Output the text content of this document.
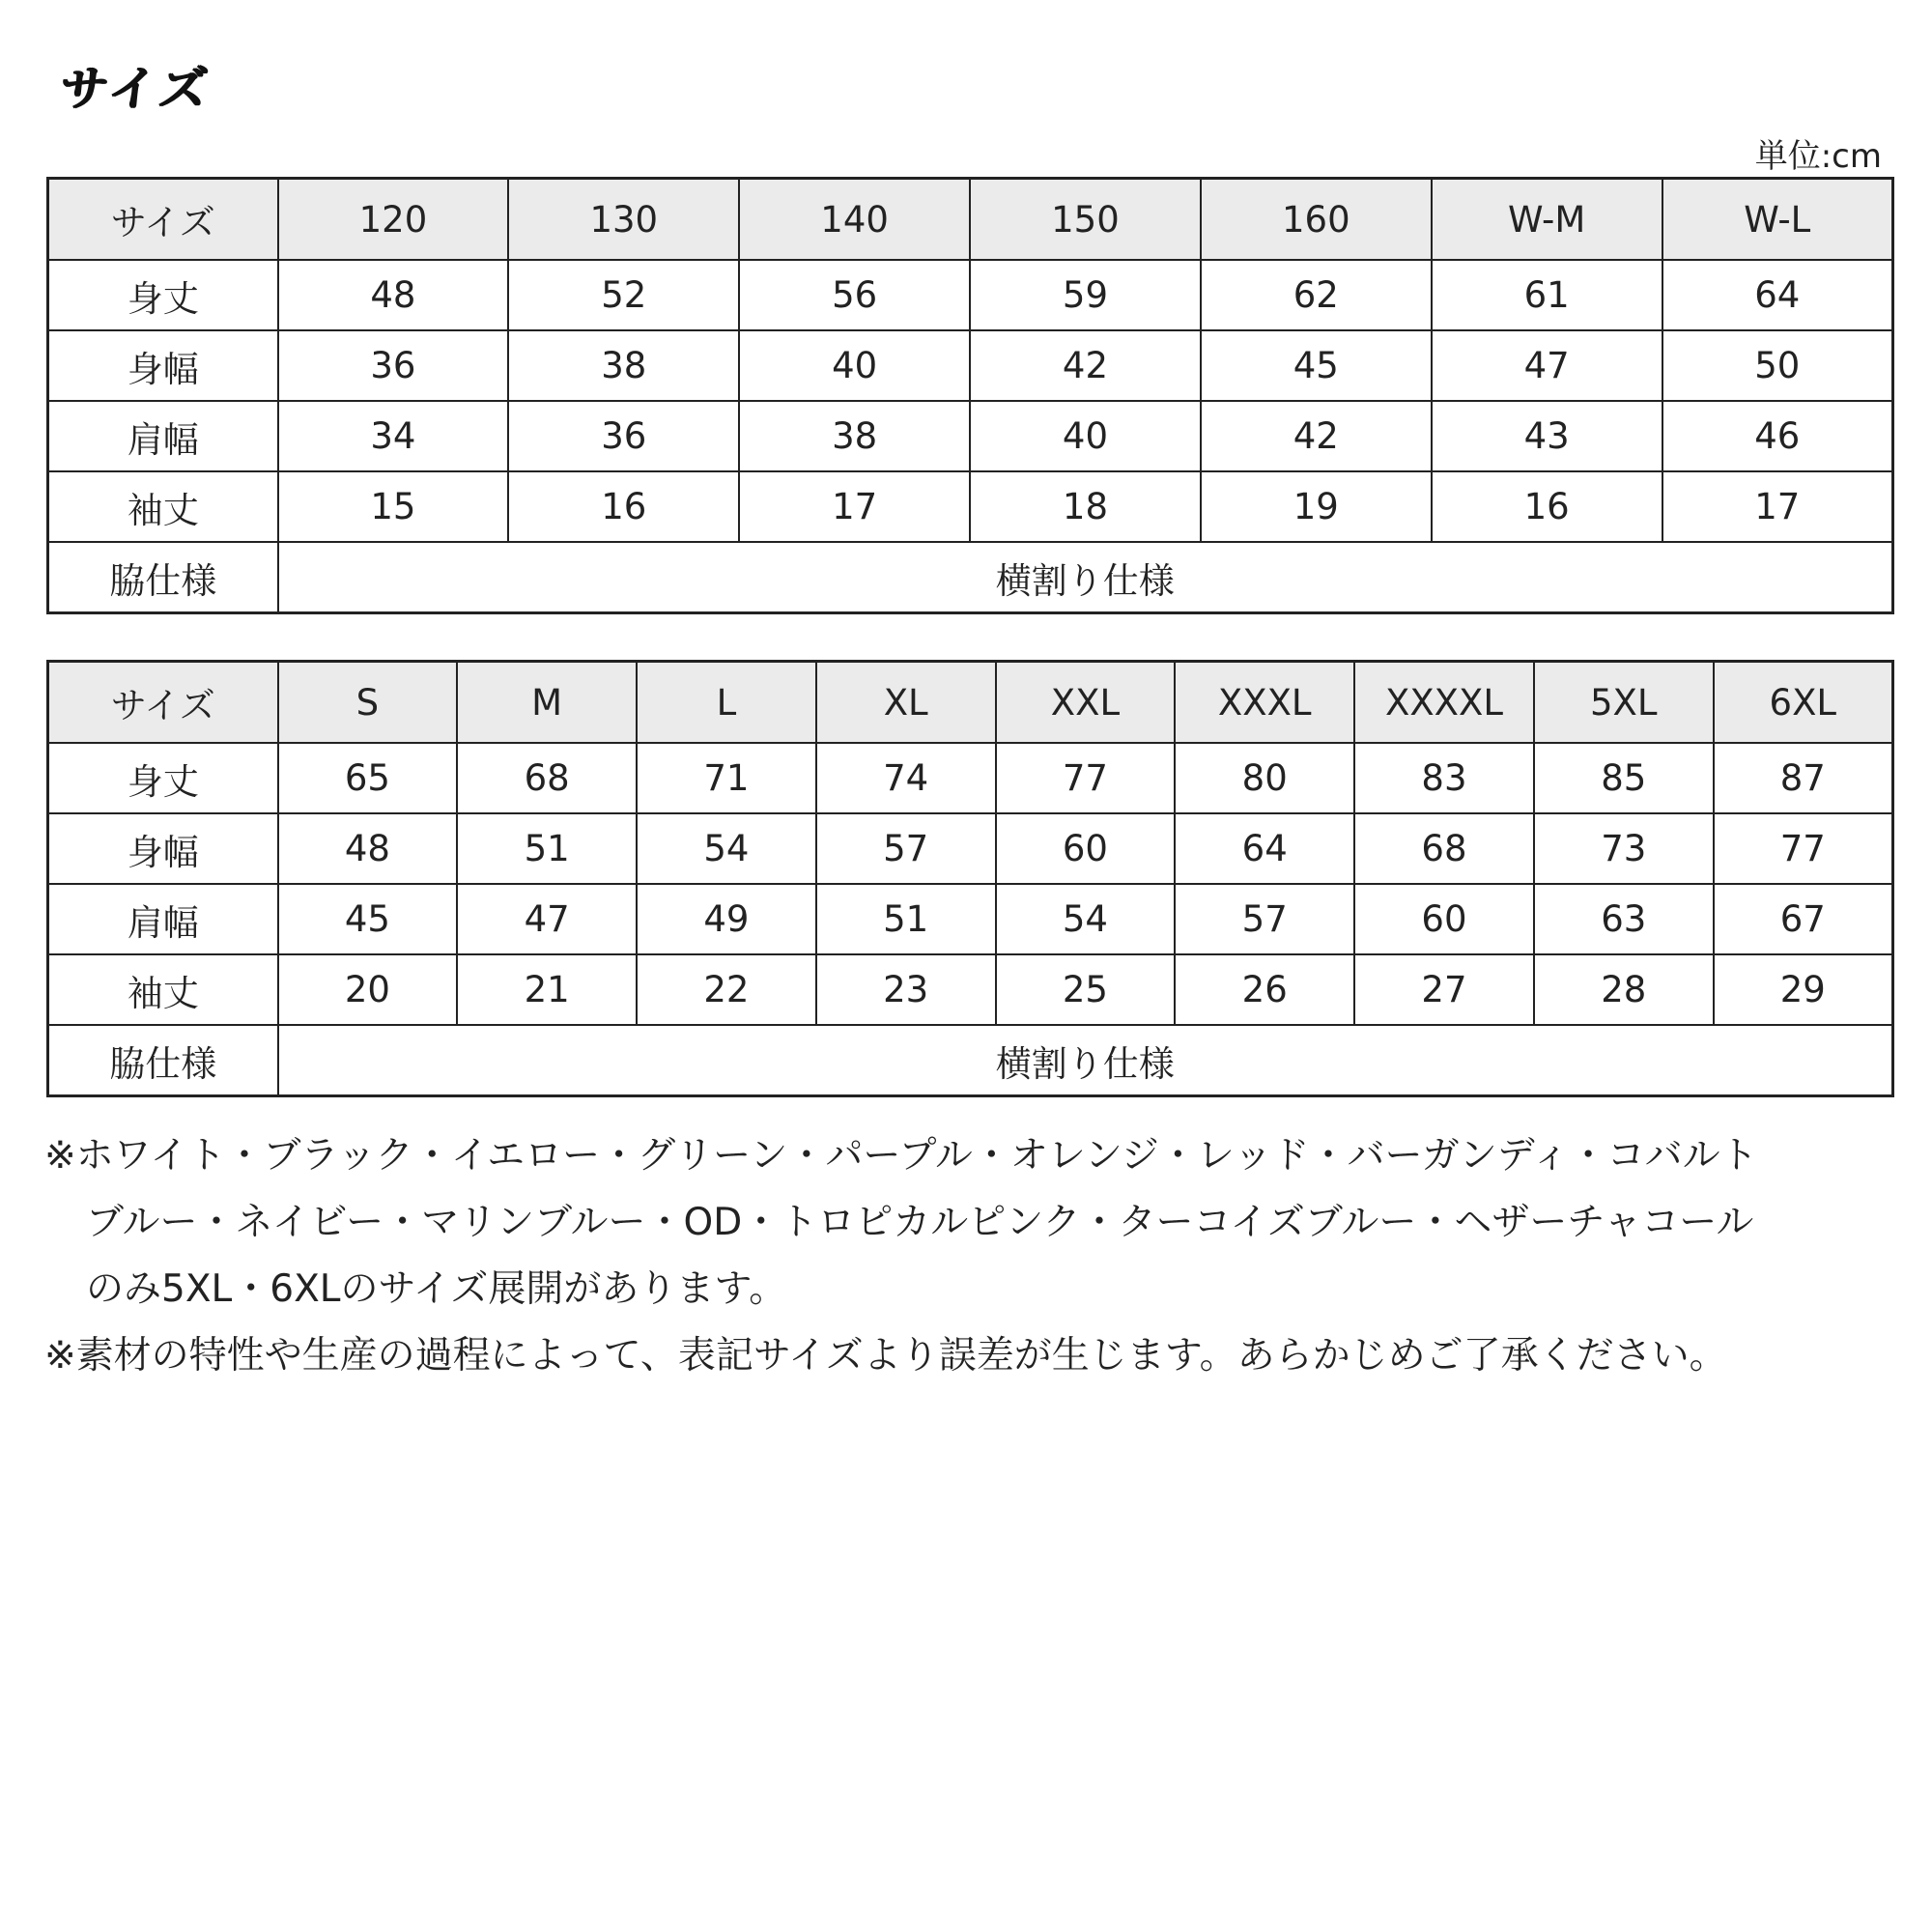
サイズ
単位:cm
サイズ	120	130	140	150	160	W-M	W-L
身丈	48	52	56	59	62	61	64
身幅	36	38	40	42	45	47	50
肩幅	34	36	38	40	42	43	46
袖丈	15	16	17	18	19	16	17
脇仕様	横割り仕様						
サイズ	S	M	L	XL	XXL	XXXL	XXXXL	5XL	6XL
身丈	65	68	71	74	77	80	83	85	87
身幅	48	51	54	57	60	64	68	73	77
肩幅	45	47	49	51	54	57	60	63	67
袖丈	20	21	22	23	25	26	27	28	29
脇仕様	横割り仕様								
※ホワイト・ブラック・イエロー・グリーン・パープル・オレンジ・レッド・バーガンディ・コバルト
ブルー・ネイビー・マリンブルー・OD・トロピカルピンク・ターコイズブルー・ヘザーチャコール
のみ5XL・6XLのサイズ展開があります。
※素材の特性や生産の過程によって、表記サイズより誤差が生じます。あらかじめご了承ください。
